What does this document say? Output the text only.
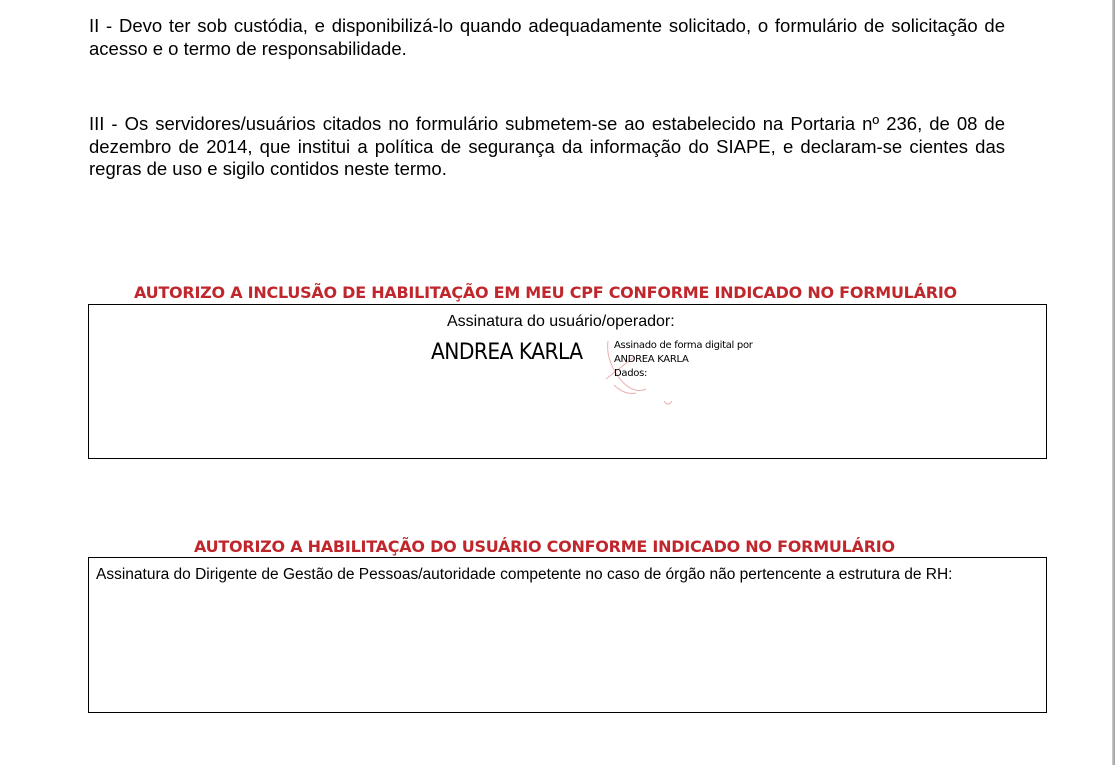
II - Devo ter sob custódia, e disponibilizá-lo quando adequadamente solicitado, o formulário de solicitação de acesso e o termo de responsabilidade.

III - Os servidores/usuários citados no formulário submetem-se ao estabelecido na Portaria nº 236, de 08 de dezembro de 2014, que institui a política de segurança da informação do SIAPE, e declaram-se cientes das regras de uso e sigilo contidos neste termo.

AUTORIZO A INCLUSÃO DE HABILITAÇÃO EM MEU CPF CONFORME INDICADO NO FORMULÁRIO
Assinatura do usuário/operador:
ANDREA KARLA	Assinado de forma digital por
ANDREA KARLA
Dados:
AUTORIZO A HABILITAÇÃO DO USUÁRIO CONFORME INDICADO NO FORMULÁRIO
Assinatura do Dirigente de Gestão de Pessoas/autoridade competente no caso de órgão não pertencente a estrutura de RH:
